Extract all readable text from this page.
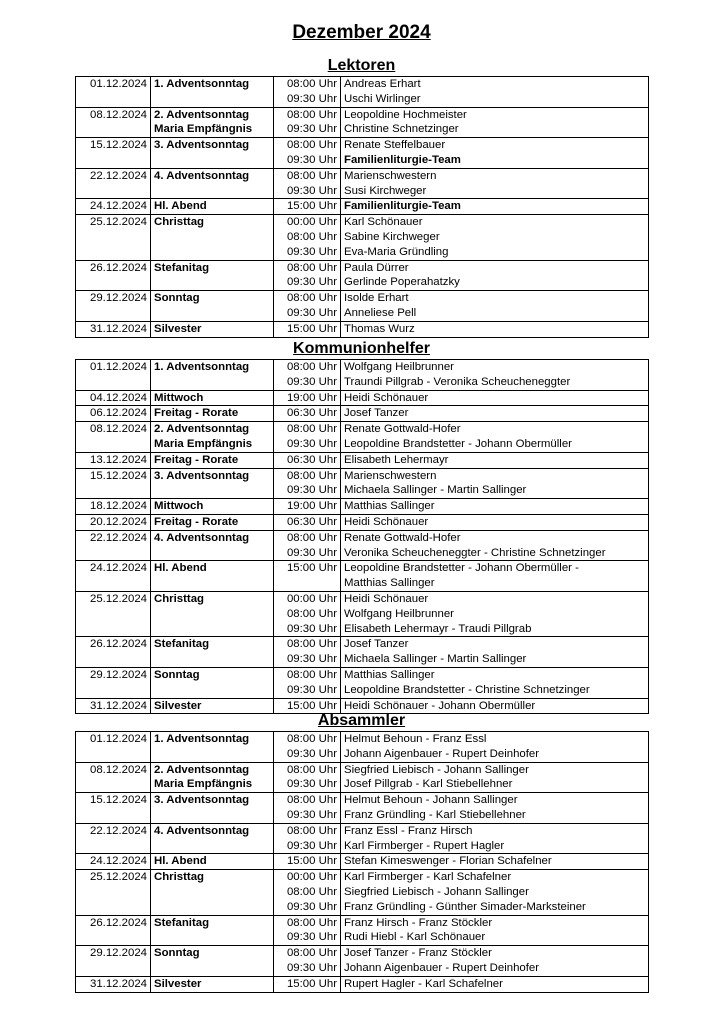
Dezember 2024
Lektoren
01.12.2024	1. Adventsonntag	08:00 Uhr	Andreas Erhart
		09:30 Uhr	Uschi Wirlinger
08.12.2024	2. Adventsonntag	08:00 Uhr	Leopoldine Hochmeister
	Maria Empfängnis	09:30 Uhr	Christine Schnetzinger
15.12.2024	3. Adventsonntag	08:00 Uhr	Renate Steffelbauer
		09:30 Uhr	Familienliturgie-Team
22.12.2024	4. Adventsonntag	08:00 Uhr	Marienschwestern
		09:30 Uhr	Susi Kirchweger
24.12.2024	Hl. Abend	15:00 Uhr	Familienliturgie-Team
25.12.2024	Christtag	00:00 Uhr	Karl Schönauer
		08:00 Uhr	Sabine Kirchweger
		09:30 Uhr	Eva-Maria Gründling
26.12.2024	Stefanitag	08:00 Uhr	Paula Dürrer
		09:30 Uhr	Gerlinde Poperahatzky
29.12.2024	Sonntag	08:00 Uhr	Isolde Erhart
		09:30 Uhr	Anneliese Pell
31.12.2024	Silvester	15:00 Uhr	Thomas Wurz
Kommunionhelfer
01.12.2024	1. Adventsonntag	08:00 Uhr	Wolfgang Heilbrunner
		09:30 Uhr	Traundi Pillgrab - Veronika Scheucheneggter
04.12.2024	Mittwoch	19:00 Uhr	Heidi Schönauer
06.12.2024	Freitag - Rorate	06:30 Uhr	Josef Tanzer
08.12.2024	2. Adventsonntag	08:00 Uhr	Renate Gottwald-Hofer
	Maria Empfängnis	09:30 Uhr	Leopoldine Brandstetter - Johann Obermüller
13.12.2024	Freitag - Rorate	06:30 Uhr	Elisabeth Lehermayr
15.12.2024	3. Adventsonntag	08:00 Uhr	Marienschwestern
		09:30 Uhr	Michaela Sallinger - Martin Sallinger
18.12.2024	Mittwoch	19:00 Uhr	Matthias Sallinger
20.12.2024	Freitag - Rorate	06:30 Uhr	Heidi Schönauer
22.12.2024	4. Adventsonntag	08:00 Uhr	Renate Gottwald-Hofer
		09:30 Uhr	Veronika Scheucheneggter - Christine Schnetzinger
24.12.2024	Hl. Abend	15:00 Uhr	Leopoldine Brandstetter - Johann Obermüller -
			Matthias Sallinger
25.12.2024	Christtag	00:00 Uhr	Heidi Schönauer
		08:00 Uhr	Wolfgang Heilbrunner
		09:30 Uhr	Elisabeth Lehermayr - Traudi Pillgrab
26.12.2024	Stefanitag	08:00 Uhr	Josef Tanzer
		09:30 Uhr	Michaela Sallinger - Martin Sallinger
29.12.2024	Sonntag	08:00 Uhr	Matthias Sallinger
		09:30 Uhr	Leopoldine Brandstetter - Christine Schnetzinger
31.12.2024	Silvester	15:00 Uhr	Heidi Schönauer - Johann Obermüller
Absammler
01.12.2024	1. Adventsonntag	08:00 Uhr	Helmut Behoun - Franz Essl
		09:30 Uhr	Johann Aigenbauer - Rupert Deinhofer
08.12.2024	2. Adventsonntag	08:00 Uhr	Siegfried Liebisch - Johann Sallinger
	Maria Empfängnis	09:30 Uhr	Josef Pillgrab - Karl Stiebellehner
15.12.2024	3. Adventsonntag	08:00 Uhr	Helmut Behoun - Johann Sallinger
		09:30 Uhr	Franz Gründling - Karl Stiebellehner
22.12.2024	4. Adventsonntag	08:00 Uhr	Franz Essl - Franz Hirsch
		09:30 Uhr	Karl Firmberger - Rupert Hagler
24.12.2024	Hl. Abend	15:00 Uhr	Stefan Kimeswenger - Florian Schafelner
25.12.2024	Christtag	00:00 Uhr	Karl Firmberger - Karl Schafelner
		08:00 Uhr	Siegfried Liebisch - Johann Sallinger
		09:30 Uhr	Franz Gründling - Günther Simader-Marksteiner
26.12.2024	Stefanitag	08:00 Uhr	Franz Hirsch - Franz Stöckler
		09:30 Uhr	Rudi Hiebl - Karl Schönauer
29.12.2024	Sonntag	08:00 Uhr	Josef Tanzer - Franz Stöckler
		09:30 Uhr	Johann Aigenbauer - Rupert Deinhofer
31.12.2024	Silvester	15:00 Uhr	Rupert Hagler - Karl Schafelner
